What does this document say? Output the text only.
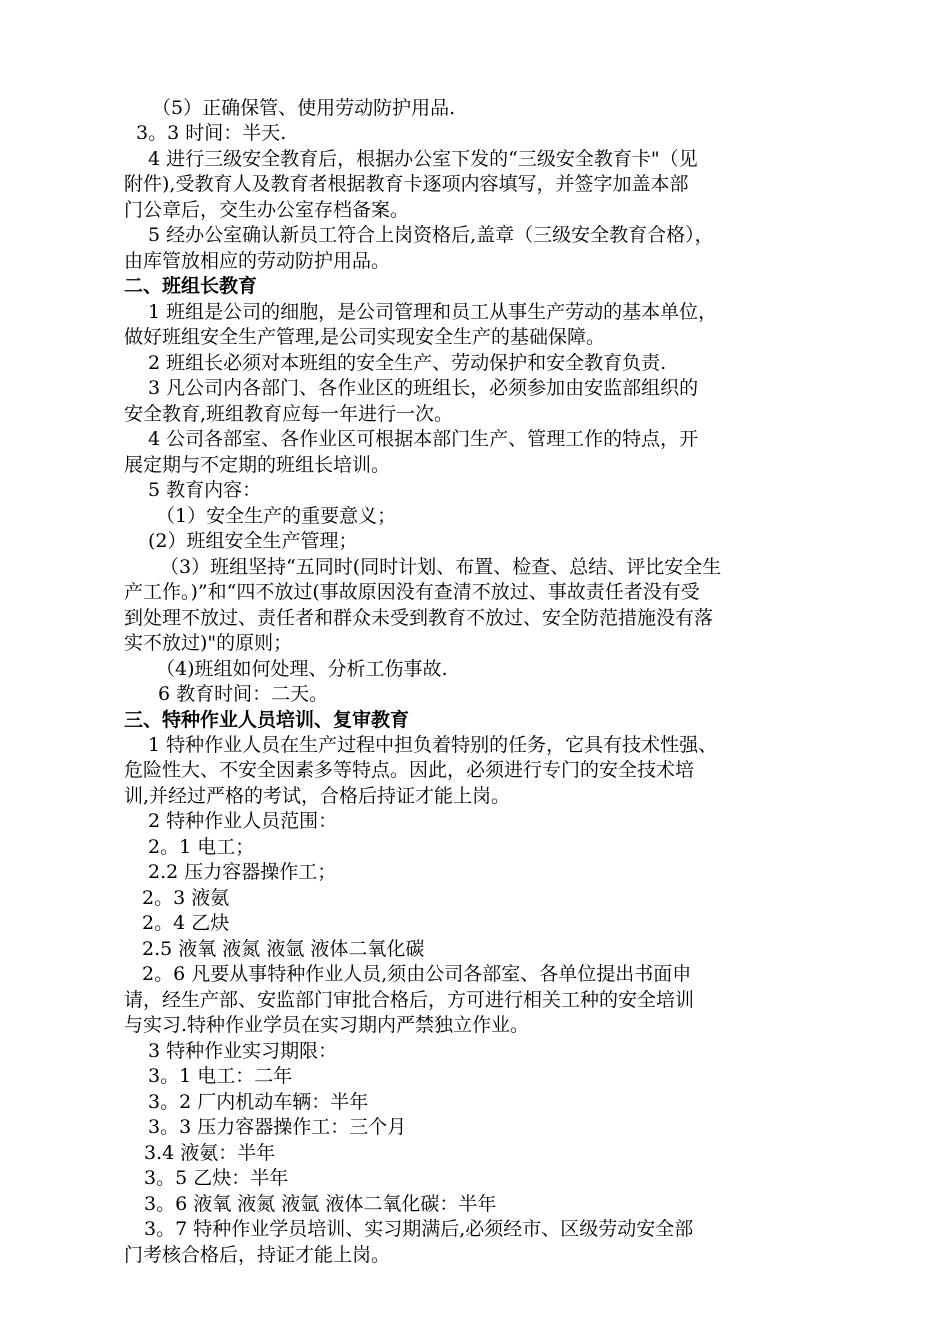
（5）正确保管、使用劳动防护用品.
3。3 时间：半天.
4 进行三级安全教育后，根据办公室下发的“三级安全教育卡"（见
附件),受教育人及教育者根据教育卡逐项内容填写，并签字加盖本部
门公章后，交生办公室存档备案。
5 经办公室确认新员工符合上岗资格后,盖章（三级安全教育合格），
由库管放相应的劳动防护用品。
二、班组长教育
1 班组是公司的细胞，是公司管理和员工从事生产劳动的基本单位，
做好班组安全生产管理,是公司实现安全生产的基础保障。
2 班组长必须对本班组的安全生产、劳动保护和安全教育负责.
3 凡公司内各部门、各作业区的班组长，必须参加由安监部组织的
安全教育,班组教育应每一年进行一次。
4 公司各部室、各作业区可根据本部门生产、管理工作的特点，开
展定期与不定期的班组长培训。
5 教育内容：
（1）安全生产的重要意义；
(2）班组安全生产管理；
（3）班组坚持“五同时(同时计划、布置、检查、总结、评比安全生
产工作。)”和“四不放过(事故原因没有查清不放过、事故责任者没有受
到处理不放过、责任者和群众未受到教育不放过、安全防范措施没有落
实不放过)"的原则；
（4)班组如何处理、分析工伤事故.
6 教育时间：二天。
三、特种作业人员培训、复审教育
1 特种作业人员在生产过程中担负着特别的任务，它具有技术性强、
危险性大、不安全因素多等特点。因此，必须进行专门的安全技术培
训,并经过严格的考试，合格后持证才能上岗。
2 特种作业人员范围：
2。1 电工；
2.2 压力容器操作工；
2。3 液氨
2。4 乙炔
2.5 液氧 液氮 液氩 液体二氧化碳
2。6 凡要从事特种作业人员,须由公司各部室、各单位提出书面申
请，经生产部、安监部门审批合格后，方可进行相关工种的安全培训
与实习.特种作业学员在实习期内严禁独立作业。
3 特种作业实习期限：
3。1 电工：二年
3。2 厂内机动车辆：半年
3。3 压力容器操作工：三个月
3.4 液氨：半年
3。5 乙炔：半年
3。6 液氧 液氮 液氩 液体二氧化碳：半年
3。7 特种作业学员培训、实习期满后,必须经市、区级劳动安全部
门考核合格后，持证才能上岗。
